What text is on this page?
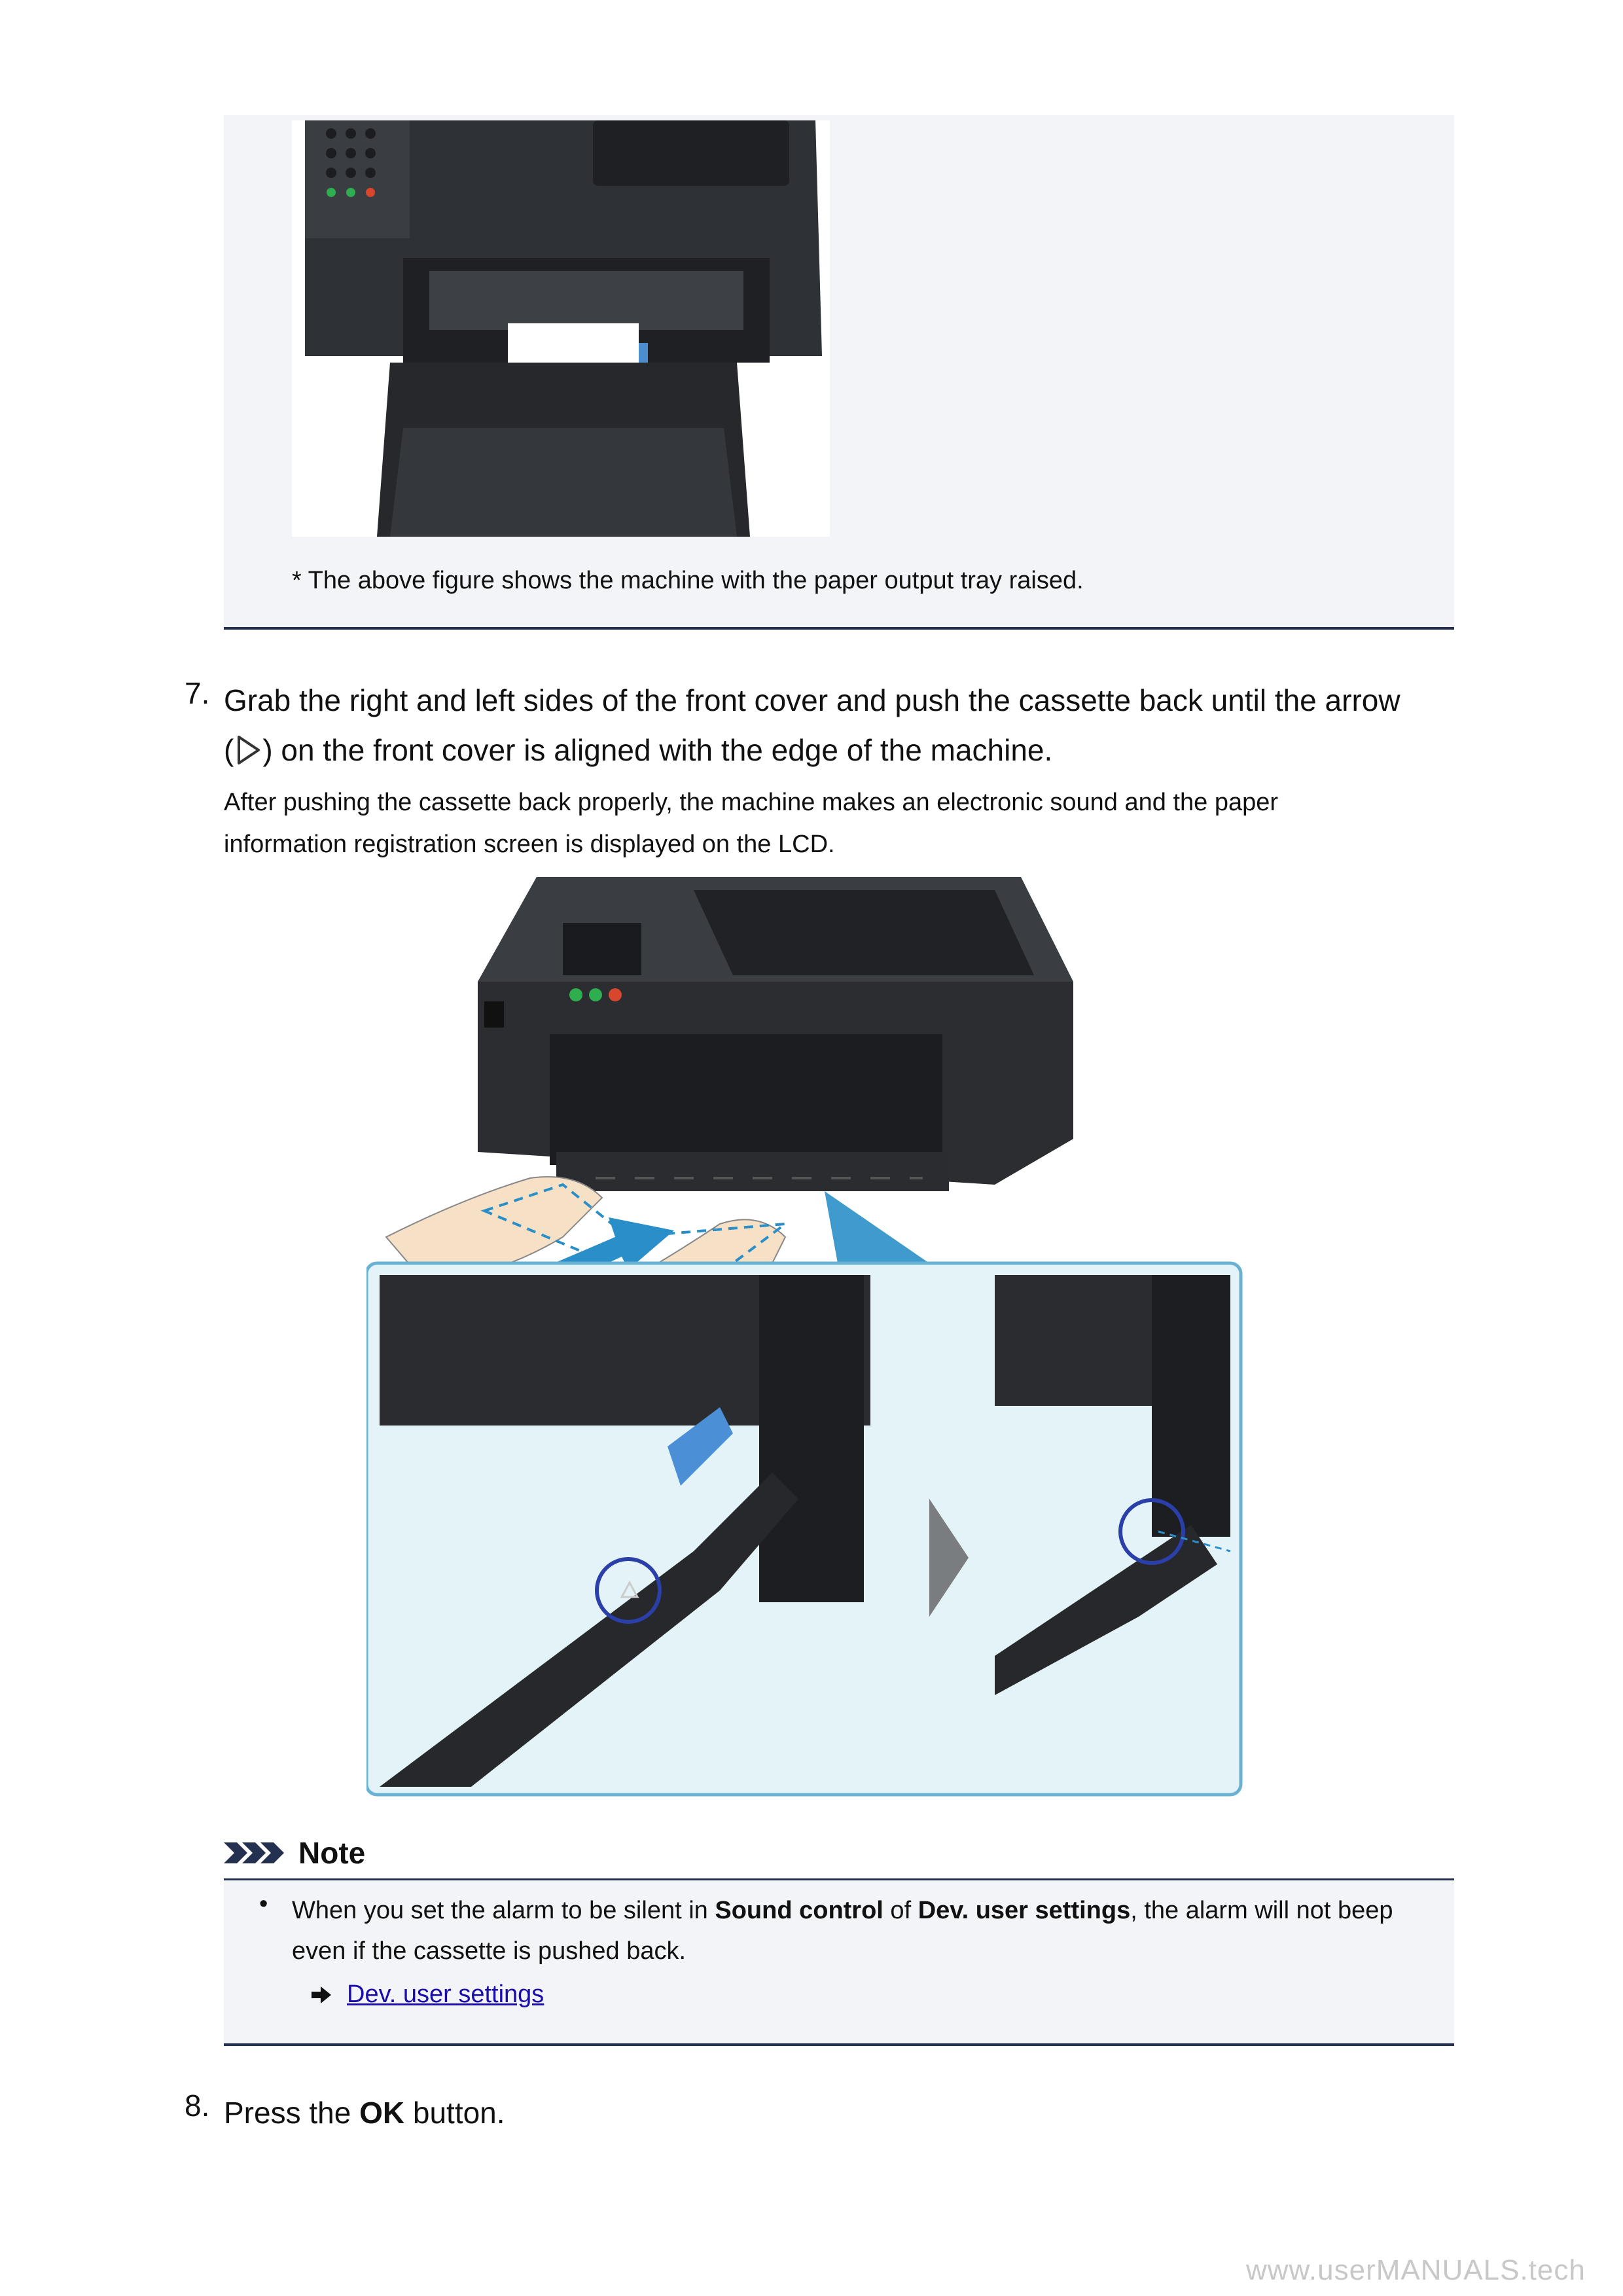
* The above figure shows the machine with the paper output tray raised.
7. Grab the right and left sides of the front cover and push the cassette back until the arrow
( ) on the front cover is aligned with the edge of the machine.
After pushing the cassette back properly, the machine makes an electronic sound and the paper information registration screen is displayed on the LCD.
Note
• When you set the alarm to be silent in Sound control of Dev. user settings, the alarm will not beep even if the cassette is pushed back.
Dev. user settings
8. Press the OK button.
www.userMANUALS.tech
